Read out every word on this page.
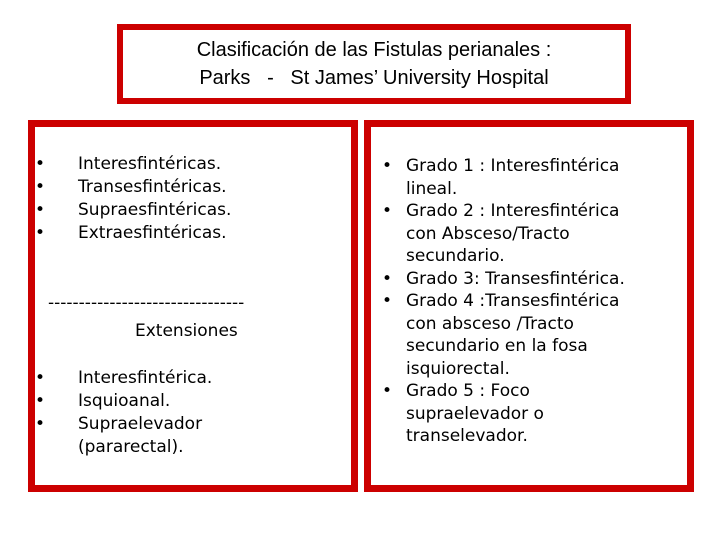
Clasificación de las Fistulas perianales :
Parks   -   St James’ University Hospital
• Interesfintéricas.
• Transesfintéricas.
• Supraesfintéricas.
• Extraesfintéricas.
--------------------------------
Extensiones
• Interesfintérica.
• Isquioanal.
• Supraelevador (pararectal).
• Grado 1 : Interesfintérica lineal.
• Grado 2 : Interesfintérica con Absceso/Tracto secundario.
• Grado 3: Transesfintérica.
• Grado 4 :Transesfintérica con absceso /Tracto secundario en la fosa isquiorectal.
• Grado 5 : Foco supraelevador o transelevador.
